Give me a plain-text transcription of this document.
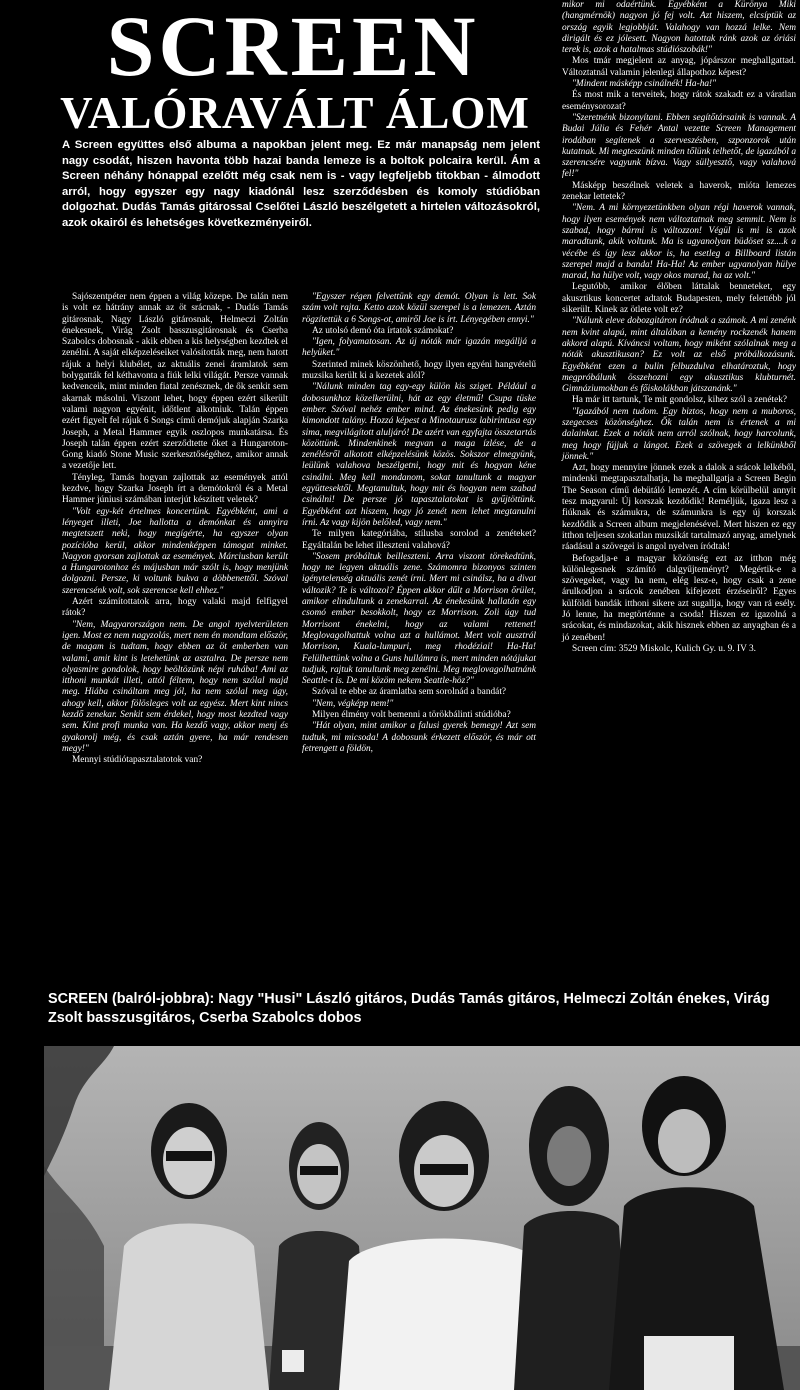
SCREEN
VALÓRAVÁLT ÁLOM

A Screen együttes első albuma a napokban jelent meg. Ez már manapság nem jelent nagy csodát, hiszen havonta több hazai banda lemeze is a boltok polcaira kerül. Ám a Screen néhány hónappal ezelőtt még csak nem is - vagy legfeljebb titokban - álmodott arról, hogy egyszer egy nagy kiadónál lesz szerződésben és komoly stúdióban dolgozhat. Dudás Tamás gitárossal Cselőtei László beszélgetett a hirtelen változásokról, azok okairól és lehetséges következményeiről.

Sajószentpéter nem éppen a világ közepe. De talán nem is volt ez hátrány annak az öt srácnak, - Dudás Tamás gitárosnak, Nagy László gitárosnak, Helmeczi Zoltán énekesnek, Virág Zsolt basszusgitárosnak és Cserba Szabolcs dobosnak - akik ebben a kis helységben kezdtek el zenélni. A saját elképzeléseiket valósították meg, nem hatott rájuk a helyi klubélet, az aktuális zenei áramlatok sem bolygatták fel kéthavonta a fiúk lelki világát. Persze vannak kedvenceik, mint minden fiatal zenésznek, de ők senkit sem akarnak másolni. Viszont lehet, hogy éppen ezért sikerült valami nagyon egyénit, időtlent alkotniuk. Talán éppen ezért figyelt fel rájuk 6 Songs című demójuk alapján Szarka Joseph, a Metal Hammer egyik oszlopos munkatársa. És Joseph talán éppen ezért szerződtette őket a Hungaroton-Gong kiadó Stone Music szerkesztőségéhez, amikor annak a vezetője lett.

Tényleg, Tamás hogyan zajlottak az események attól kezdve, hogy Szarka Joseph írt a demótokról és a Metal Hammer júniusi számában interjút készített veletek?

"Volt egy-két értelmes koncertünk. Egyébként, ami a lényeget illeti, Joe hallotta a demónkat és annyira megtetszett neki, hogy megígérte, ha egyszer olyan pozícióba kerül, akkor mindenképpen támogat minket. Nagyon gyorsan zajlottak az események. Márciusban került a Hungarotonhoz és májusban már szólt is, hogy menjünk dolgozni. Persze, ki voltunk bukva a döbbenettől. Szóval szerencsénk volt, sok szerencse kell ehhez."

Azért számítottatok arra, hogy valaki majd felfigyel rátok?

"Nem, Magyarországon nem. De angol nyelvterületen igen. Most ez nem nagyzolás, mert nem én mondtam először, de magam is tudtam, hogy ebben az öt emberben van valami, amit kint is letehetünk az asztalra. De persze nem olyasmire gondolok, hogy beöltözünk népi ruhába! Ami az itthoni munkát illeti, attól féltem, hogy nem szólal majd meg. Hiába csináltam meg jól, ha nem szólal meg úgy, ahogy kell, akkor fölösleges volt az egyész. Mert kint nincs kezdő zenekar. Senkit sem érdekel, hogy most kezdted vagy sem. Kint profi munka van. Ha kezdő vagy, akkor menj és gyakorolj még, és csak aztán gyere, ha már rendesen megy!"

Mennyi stúdiótapasztalatotok van?

"Egyszer régen felvettünk egy demót. Olyan is lett. Sok szám volt rajta. Ketto azok közül szerepel is a lemezen. Aztán rögzítettük a 6 Songs-ot, amiről Joe is írt. Lényegében ennyi."

Az utolsó demó óta írtatok számokat?

"Igen, folyamatosan. Az új nóták már igazán megálljá a helyüket."

Szerinted minek köszönhető, hogy ilyen egyéni hangvételű muzsika került ki a kezetek alól?

"Nálunk minden tag egy-egy külön kis sziget. Például a dobosunkhoz közelkerülni, hát az egy életmű! Csupa tüske ember. Szóval nehéz ember mind. Az énekesünk pedig egy kimondott talány. Hozzá képest a Minotaurusz labirintusa egy sima, megvilágított aluljáró! De azért van egyfajta összetartás közöttünk. Mindenkinek megvan a maga ízlése, de a zenélésről alkotott elképzelésünk közös. Sokszor elmegyünk, leülünk valahova beszélgetni, hogy mit és hogyan kéne csinálni. Meg kell mondanom, sokat tanultunk a magyar együttesektől. Megtanultuk, hogy mit és hogyan nem szabad csinálni! De persze jó tapasztalatokat is gyűjtöttünk. Egyébként azt hiszem, hogy jó zenét nem lehet megtanulni írni. Az vagy kijön belőled, vagy nem."

Te milyen kategóriába, stílusba sorolod a zenéteket? Egyáltalán be lehet illeszteni valahová?

"Sosem próbáltuk beilleszteni. Arra viszont törekedtünk, hogy ne legyen aktuális zene. Számomra bizonyos szinten igénytelenség aktuális zenét írni. Mert mi csinálsz, ha a divat változik? Te is változol? Éppen akkor dűlt a Morrison őrület, amikor elindultunk a zenekarral. Az énekesünk hallatán egy csomó ember besokkolt, hogy ez Morrison. Zoli úgy tud Morrisont énekelni, hogy az valami rettenet! Meglovagolhattuk volna azt a hullámot. Mert volt ausztrál Morrison, Kuala-lumpuri, meg rhodéziai! Ha-Ha! Felülhettünk volna a Guns hullámra is, mert minden nótájukat tudjuk, rajtuk tanultunk meg zenélni. Meg meglovagolhatnánk Seattle-t is. De mi közöm nekem Seattle-höz?"

Szóval te ebbe az áramlatba sem sorolnád a bandát?

"Nem, végképp nem!"

Milyen élmény volt bemenni a törökbálinti stúdióba?

"Hát olyan, mint amikor a falusi gyerek bemegy! Azt sem tudtuk, mi micsoda! A dobosunk érkezett először, és már ott fetrengett a földön,

mikor mi odaértünk. Egyébként a Kürönya Miki (hangmérnök) nagyon jó fej volt. Azt hiszem, elcsíptük az ország egyik legjobbját. Valahogy van hozzá lelke. Nem dirigált és ez jólesett. Nagyon hatottak ránk azok az óriási terek is, azok a hatalmas stúdiószobák!"

Mos tmár megjelent az anyag, jópárszor meghallgattad. Változtatnál valamin jelenlegi állapothoz képest?

"Mindent másképp csinálnék! Ha-ha!"

És most mik a terveitek, hogy rátok szakadt ez a váratlan eseménysorozat?

"Szeretnénk bizonyítani. Ebben segítőtársaink is vannak. A Budai Júlia és Fehér Antal vezette Screen Management irodában segítenek a szerveszésben, szponzorok után kutatnak. Mi megteszünk minden tőlünk telhetőt, de igazából a szerencsére vagyunk bízva. Vagy süllyesztő, vagy valahová fel!"

Másképp beszélnek veletek a haverok, mióta lemezes zenekar lettetek?

"Nem. A mi környezetünkben olyan régi haverok vannak, hogy ilyen események nem változtatnak meg semmit. Nem is szabad, hogy bármi is változzon! Végül is mi is azok maradtunk, akik voltunk. Ma is ugyanolyan büdöset sz....k a vécébe és így lesz akkor is, ha esetleg a Billboard listán szerepel majd a banda! Ha-Ha! Az ember ugyanolyan hülye marad, ha hülye volt, vagy okos marad, ha az volt."

Legutóbb, amikor élőben láttalak benneteket, egy akusztikus koncertet adtatok Budapesten, mely felettébb jól sikerült. Kinek az ötlete volt ez?

"Nálunk eleve dobozgitáron íródnak a számok. A mi zenénk nem kvint alapú, mint általában a kemény rockzenék hanem akkord alapú. Kíváncsi voltam, hogy miként szólalnak meg a nóták akusztikusan? Ez volt az első próbálkozásunk. Egyébként ezen a bulin felbuzdulva elhatároztuk, hogy megpróbálunk összehozni egy akusztikus klubturnét. Gimnáziumokban és főiskolákban játszanánk."

Ha már itt tartunk, Te mit gondolsz, kihez szól a zenétek?

"Igazából nem tudom. Egy biztos, hogy nem a muboros, szegecses közönséghez. Ők talán nem is értenek a mi dalainkat. Ezek a nóták nem arról szólnak, hogy harcolunk, meg hogy fújjuk a lángot. Ezek a szövegek a lelkünkből jönnek."

Azt, hogy mennyire jönnek ezek a dalok a srácok lelkéből, mindenki megtapasztalhatja, ha meghallgatja a Screen Begin The Season című debütáló lemezét. A cím körülbelül annyit tesz magyarul: Új korszak kezdődik! Reméljük, igaza lesz a fiúknak és számukra, de számunkra is egy új korszak kezdődik a Screen album megjelenésével. Mert hiszen ez egy itthon teljesen szokatlan muzsikát tartalmazó anyag, amelynek ráadásul a szövegei is angol nyelven íródtak!

Befogadja-e a magyar közönség ezt az itthon még különlegesnek számító dalgyűjteményt? Megértik-e a szövegeket, vagy ha nem, elég lesz-e, hogy csak a zene árulkodjon a srácok zenében kifejezett érzéseiről? Egyes külföldi bandák itthoni sikere azt sugallja, hogy van rá esély. Jó lenne, ha megtörténne a csoda! Hiszen ez igazolná a srácokat, és mindazokat, akik hisznek ebben az anyagban és a jó zenében!

Screen cím: 3529 Miskolc, Kulich Gy. u. 9. IV 3.

SCREEN (balról-jobbra): Nagy "Husi" László gitáros, Dudás Tamás gitáros, Helmeczi Zoltán énekes, Virág Zsolt basszusgitáros, Cserba Szabolcs dobos
